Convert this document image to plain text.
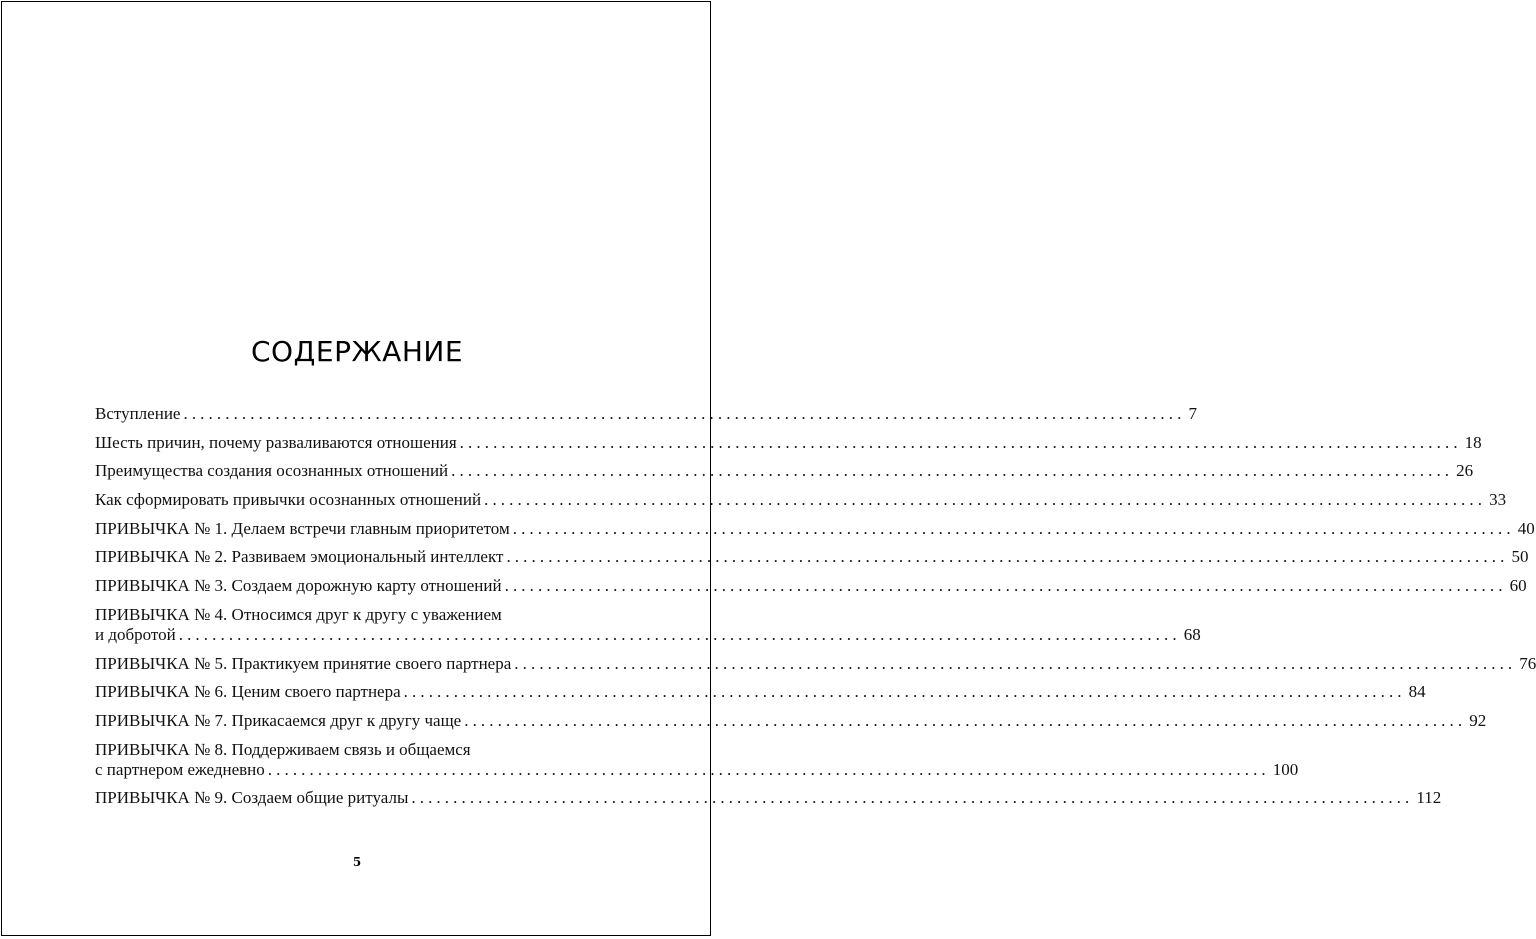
СОДЕРЖАНИЕ
Вступление ........................................................................................................................ 7
Шесть причин, почему разваливаются отношения ........................................................................................................................ 18
Преимущества создания осознанных отношений ........................................................................................................................ 26
Как сформировать привычки осознанных отношений ........................................................................................................................ 33
ПРИВЫЧКА № 1. Делаем встречи главным приоритетом ........................................................................................................................ 40
ПРИВЫЧКА № 2. Развиваем эмоциональный интеллект ........................................................................................................................ 50
ПРИВЫЧКА № 3. Создаем дорожную карту отношений ........................................................................................................................ 60
ПРИВЫЧКА № 4. Относимся друг к другу с уважением
и добротой ........................................................................................................................ 68
ПРИВЫЧКА № 5. Практикуем принятие своего партнера ........................................................................................................................ 76
ПРИВЫЧКА № 6. Ценим своего партнера ........................................................................................................................ 84
ПРИВЫЧКА № 7. Прикасаемся друг к другу чаще ........................................................................................................................ 92
ПРИВЫЧКА № 8. Поддерживаем связь и общаемся
с партнером ежедневно ........................................................................................................................ 100
ПРИВЫЧКА № 9. Создаем общие ритуалы ........................................................................................................................ 112
5
